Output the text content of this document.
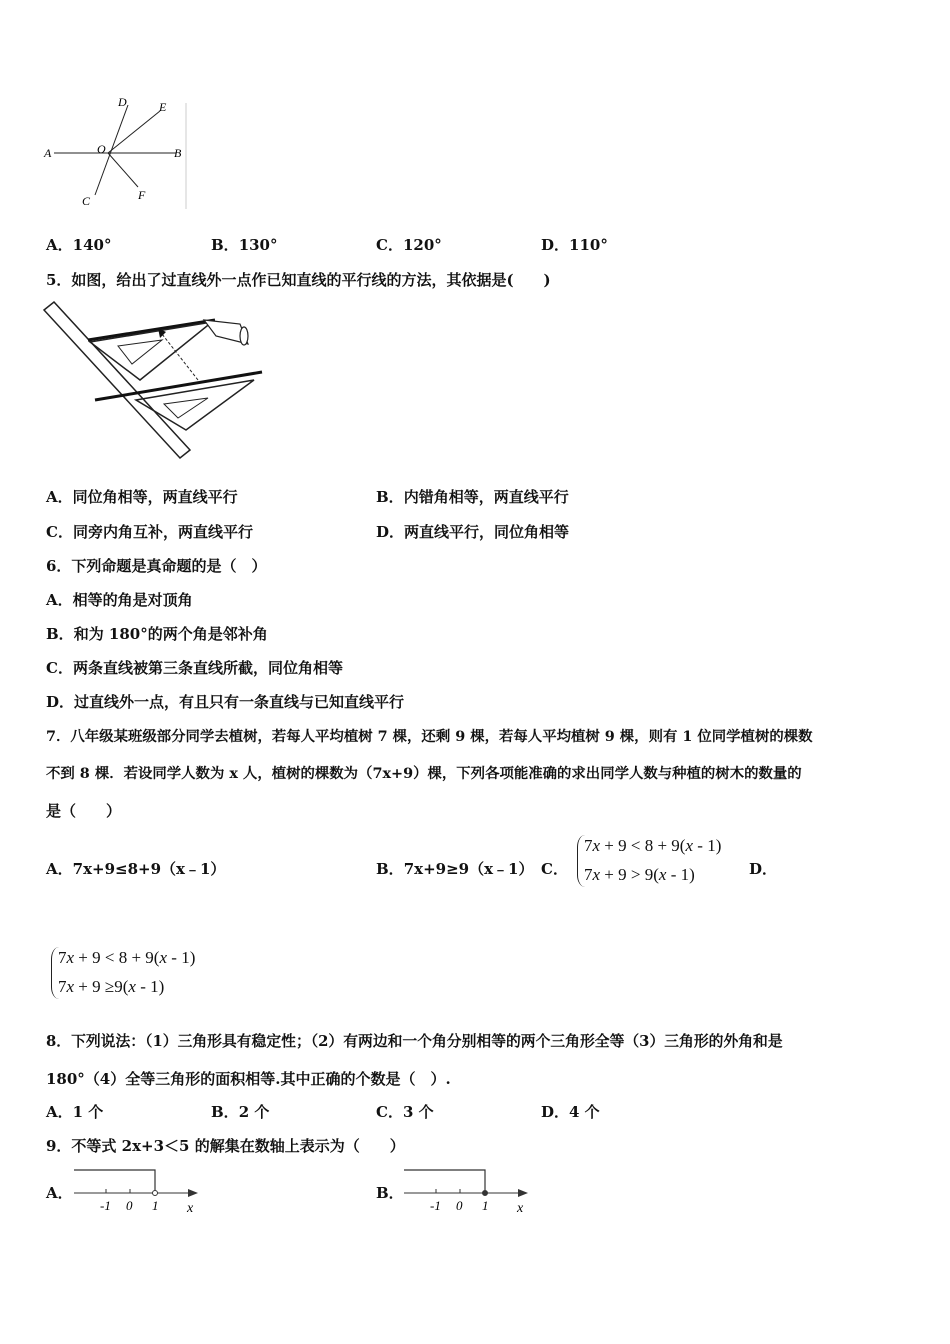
A	O	B
C
D	E
F
A．140°	B．130°	C．120°	D．110°
5．如图，给出了过直线外一点作已知直线的平行线的方法，其依据是(　　)
A．同位角相等，两直线平行	B．内错角相等，两直线平行
C．同旁内角互补，两直线平行	D．两直线平行，同位角相等
6．下列命题是真命题的是（　）
A．相等的角是对顶角
B．和为 180°的两个角是邻补角
C．两条直线被第三条直线所截，同位角相等
D．过直线外一点，有且只有一条直线与已知直线平行
7．八年级某班级部分同学去植树，若每人平均植树 7 棵，还剩 9 棵，若每人平均植树 9 棵，则有 1 位同学植树的棵数
不到 8 棵．若设同学人数为 x 人，植树的棵数为（7x+9）棵，下列各项能准确的求出同学人数与种植的树木的数量的
是（　　）
A．7x+9≤8+9（x﹣1）	B．7x+9≥9（x﹣1） C．
7x + 9 < 8 + 9(x - 1)
7x + 9 > 9(x - 1)	D．
7x + 9 < 8 + 9(x - 1)
7x + 9 ≥9(x - 1)
8．下列说法：（1）三角形具有稳定性；（2）有两边和一个角分别相等的两个三角形全等（3）三角形的外角和是
180°（4）全等三角形的面积相等.其中正确的个数是（　）.
A．1 个	B．2 个	C．3 个	D．4 个
9．不等式 2x+3＜5 的解集在数轴上表示为（　　）
A．
-1 0 1 x
B．
-1 0 1 x
